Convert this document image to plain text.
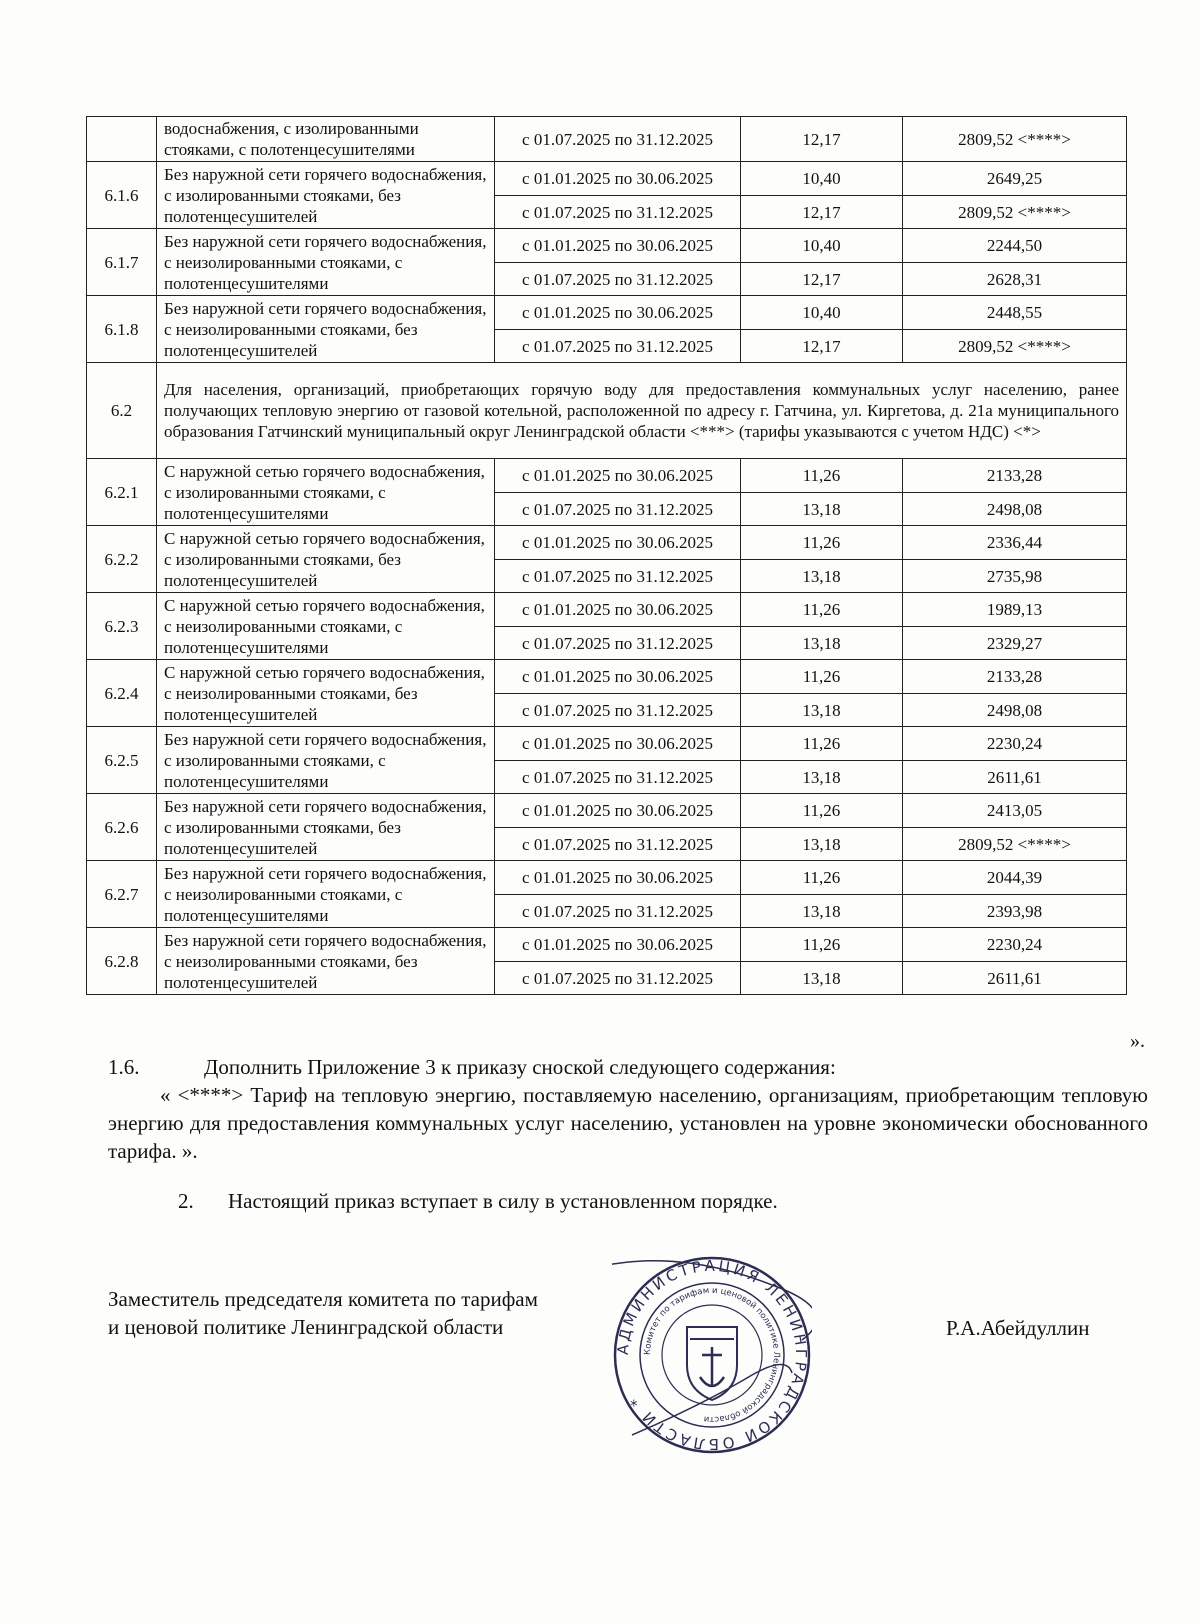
	водоснабжения, с изолированными стояками, с полотенцесушителями	с 01.07.2025 по 31.12.2025	12,17	2809,52 <****>
6.1.6	Без наружной сети горячего водоснабжения, с изолированными стояками, без полотенцесушителей	с 01.01.2025 по 30.06.2025	10,40	2649,25
		с 01.07.2025 по 31.12.2025	12,17	2809,52 <****>
6.1.7	Без наружной сети горячего водоснабжения, с неизолированными стояками, с полотенцесушителями	с 01.01.2025 по 30.06.2025	10,40	2244,50
		с 01.07.2025 по 31.12.2025	12,17	2628,31
6.1.8	Без наружной сети горячего водоснабжения, с неизолированными стояками, без полотенцесушителей	с 01.01.2025 по 30.06.2025	10,40	2448,55
		с 01.07.2025 по 31.12.2025	12,17	2809,52 <****>
6.2	Для населения, организаций, приобретающих горячую воду для предоставления коммунальных услуг населению, ранее получающих тепловую энергию от газовой котельной, расположенной по адресу г. Гатчина, ул. Киргетова, д. 21а муниципального образования Гатчинский муниципальный округ Ленинградской области <***> (тарифы указываются с учетом НДС) <*>			
6.2.1	С наружной сетью горячего водоснабжения, с изолированными стояками, с полотенцесушителями	с 01.01.2025 по 30.06.2025	11,26	2133,28
		с 01.07.2025 по 31.12.2025	13,18	2498,08
6.2.2	С наружной сетью горячего водоснабжения, с изолированными стояками, без полотенцесушителей	с 01.01.2025 по 30.06.2025	11,26	2336,44
		с 01.07.2025 по 31.12.2025	13,18	2735,98
6.2.3	С наружной сетью горячего водоснабжения, с неизолированными стояками, с полотенцесушителями	с 01.01.2025 по 30.06.2025	11,26	1989,13
		с 01.07.2025 по 31.12.2025	13,18	2329,27
6.2.4	С наружной сетью горячего водоснабжения, с неизолированными стояками, без полотенцесушителей	с 01.01.2025 по 30.06.2025	11,26	2133,28
		с 01.07.2025 по 31.12.2025	13,18	2498,08
6.2.5	Без наружной сети горячего водоснабжения, с изолированными стояками, с полотенцесушителями	с 01.01.2025 по 30.06.2025	11,26	2230,24
		с 01.07.2025 по 31.12.2025	13,18	2611,61
6.2.6	Без наружной сети горячего водоснабжения, с изолированными стояками, без полотенцесушителей	с 01.01.2025 по 30.06.2025	11,26	2413,05
		с 01.07.2025 по 31.12.2025	13,18	2809,52 <****>
6.2.7	Без наружной сети горячего водоснабжения, с неизолированными стояками, с полотенцесушителями	с 01.01.2025 по 30.06.2025	11,26	2044,39
		с 01.07.2025 по 31.12.2025	13,18	2393,98
6.2.8	Без наружной сети горячего водоснабжения, с неизолированными стояками, без полотенцесушителей	с 01.01.2025 по 30.06.2025	11,26	2230,24
		с 01.07.2025 по 31.12.2025	13,18	2611,61
».
1.6.	Дополнить Приложение 3 к приказу сноской следующего содержания:
« <****> Тариф на тепловую энергию, поставляемую населению, организациям, приобретающим тепловую энергию для предоставления коммунальных услуг населению, установлен на уровне экономически обоснованного тарифа. ».
2. Настоящий приказ вступает в силу в установленном порядке.
Заместитель председателя комитета по тарифам
и ценовой политике Ленинградской области	Р.А.Абейдуллин
АДМИНИСТРАЦИЯ ЛЕНИНГРАДСКОЙ ОБЛАСТИ *
Комитет по тарифам и ценовой политике Ленинградской области
